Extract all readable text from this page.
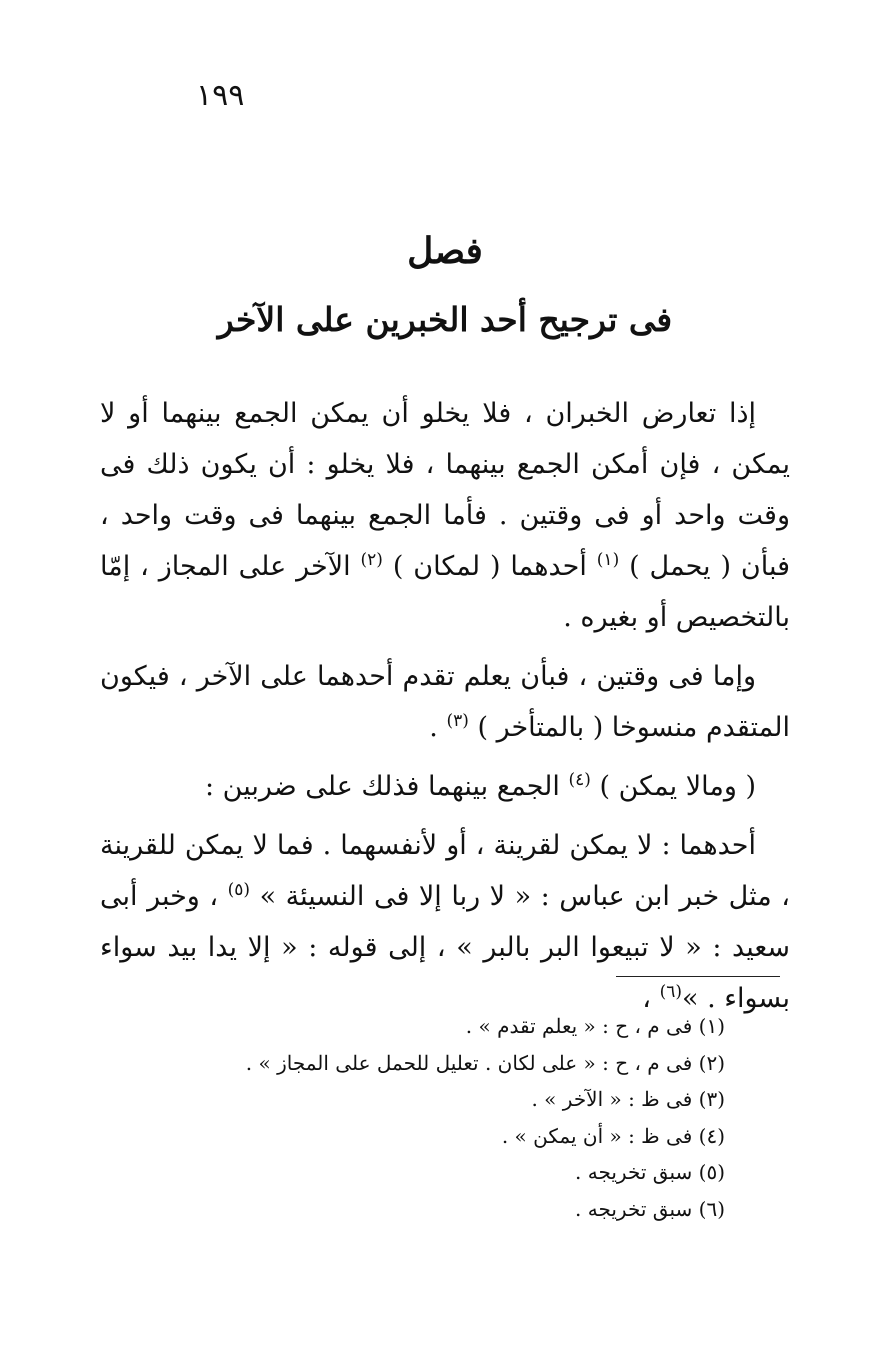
١٩٩
فصل
فى ترجيح أحد الخبرين على الآخر

إذا تعارض الخبران ، فلا يخلو أن يمكن الجمع بينهما أو لا يمكن ، فإن أمكن الجمع بينهما ، فلا يخلو : أن يكون ذلك فى وقت واحد أو فى وقتين . فأما الجمع بينهما فى وقت واحد ، فبأن ( يحمل ) $^{(١)}$ أحدهما ( لمكان ) $^{(٢)}$ الآخر على المجاز ، إمّا بالتخصيص أو بغيره .

وإما فى وقتين ، فبأن يعلم تقدم أحدهما على الآخر ، فيكون المتقدم منسوخا ( بالمتأخر ) $^{(٣)}$ .

( ومالا يمكن ) $^{(٤)}$ الجمع بينهما فذلك على ضربين :

أحدهما : لا يمكن لقرينة ، أو لأنفسهما . فما لا يمكن للقرينة ، مثل خبر ابن عباس : « لا ربا إلا فى النسيئة » $^{(٥)}$ ، وخبر أبى سعيد : « لا تبيعوا البر بالبر » ، إلى قوله : « إلا يدا بيد سواء بسواء . »$^{(٦)}$ ،

(١) فى م ، ح : « يعلم تقدم » .
(٢) فى م ، ح : « على لكان . تعليل للحمل على المجاز » .
(٣) فى ظ : « الآخر » .
(٤) فى ظ : « أن يمكن » .
(٥) سبق تخريجه .
(٦) سبق تخريجه .
